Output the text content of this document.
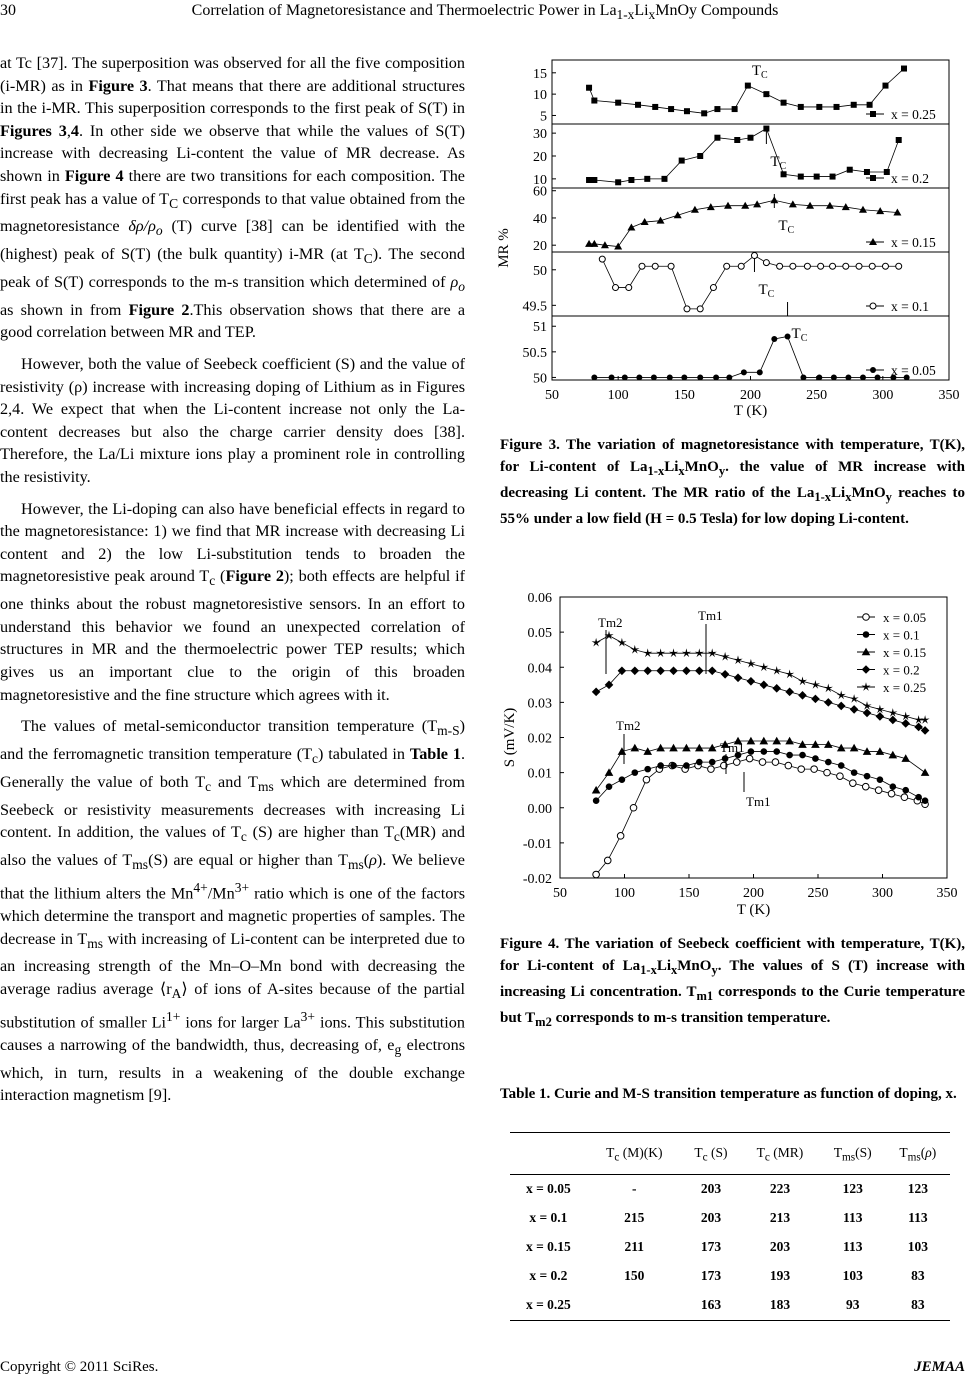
30	Correlation of Magnetoresistance and Thermoelectric Power in $La_{1-x}Li_xMnOy$ Compounds

at Tc [37]. The superposition was observed for all the five composition (i-MR) as in Figure 3. That means that there are additional structures in the i-MR. This superposition corresponds to the first peak of S(T) in Figures 3,4. In other side we observe that while the values of S(T) increase with decreasing Li-content the value of MR decrease. As shown in Figure 4 there are two transitions for each composition. The first peak has a value of $T_C$ corresponds to that value obtained from the magnetoresistance $\delta\rho/\rho_o$ (T) curve [38] can be identified with the (highest) peak of S(T) (the bulk quantity) i-MR (at $T_C$). The second peak of S(T) corresponds to the m-s transition which determined of $\rho_o$ as shown in from Figure 2.This observation shows that there are a good correlation between MR and TEP.

However, both the value of Seebeck coefficient (S) and the value of resistivity (ρ) increase with increasing doping of Lithium as in Figures 2,4. We expect that when the Li-content increase not only the La-content decreases but also the charge carrier density does [38]. Therefore, the La/Li mixture ions play a prominent role in controlling the resistivity.

However, the Li-doping can also have beneficial effects in regard to the magnetoresistance: 1) we find that MR increase with decreasing Li content and 2) the low Li-substitution tends to broaden the magnetoresistive peak around $T_c$ (Figure 2); both effects are helpful if one thinks about the robust magnetoresistive sensors. In an effort to understand this behavior we found an unexpected correlation of structures in MR and the thermoelectric power TEP results; which gives us an important clue to the origin of this broaden magnetoresistive and the fine structure which agrees with it.

The values of metal-semiconductor transition temperature $(T_{m-S})$ and the ferromagnetic transition temperature $(T_c)$ tabulated in Table 1. Generally the value of both $T_c$ and $T_{ms}$ which are determined from Seebeck or resistivity measurements decreases with increasing Li content. In addition, the values of $T_c$ (S) are higher than $T_c(MR)$ and also the values of $T_{ms}(S)$ are equal or higher than $T_{ms}(\rho)$. We believe that the lithium alters the $Mn^{4+}/Mn^{3+}$ ratio which is one of the factors which determine the transport and magnetic properties of samples. The decrease in $T_{ms}$ with increasing of Li-content can be interpreted due to an increasing strength of the Mn–O–Mn bond with decreasing the average radius average $⟨r_A⟩$ of ions of A-sites because of the partial substitution of smaller $Li^{1+}$ ions for larger $La^{3+}$ ions. This substitution causes a narrowing of the bandwidth, thus, decreasing of, $e_g$ electrons which, in turn, results in a weakening of the double exchange interaction magnetism [9].

5
10
15
x = 0.25
$T_C$
10
20
30
x = 0.2
$T_C$
20
40
60
x = 0.15
$T_C$
49.5
50
x = 0.1
$T_C$
50
50.5
51
x = 0.05
$T_C$
50	100	150	200	250	300	350
T (K)
MR %
Figure 3. The variation of magnetoresistance with temperature, T(K), for Li-content of $La_{1-x}Li_xMnO_y$. the value of MR increase with decreasing Li content. The MR ratio of the $La_{1-x}Li_xMnO_y$ reaches to 55% under a low field (H = 0.5 Tesla) for low doping Li-content.
-0.02
-0.01
0.00
0.01
0.02
0.03
0.04
0.05
0.06
50	100	150	200	250	300	350
T (K)
S (mV/K)
x = 0.05
x = 0.1
x = 0.15
x = 0.2
x = 0.25
Tm2	Tm1
Tm2
Tm1
Tm1
Figure 4. The variation of Seebeck coefficient with temperature, T(K), for Li-content of $La_{1-x}Li_xMnO_y$. The values of S (T) increase with increasing Li concentration. $T_{m1}$ corresponds to the Curie temperature but $T_{m2}$ corresponds to m-s transition temperature.
Table 1. Curie and M-S transition temperature as function of doping, x.
	$T_c$ (M)(K)	$T_c$ (S)	$T_c$ (MR)	$T_{ms}(S)$	$T_{ms}(\rho)$
x = 0.05	-	203	223	123	123
x = 0.1	215	203	213	113	113
x = 0.15	211	173	203	113	103
x = 0.2	150	173	193	103	83
x = 0.25		163	183	93	83
Copyright © 2011 SciRes.	JEMAA
